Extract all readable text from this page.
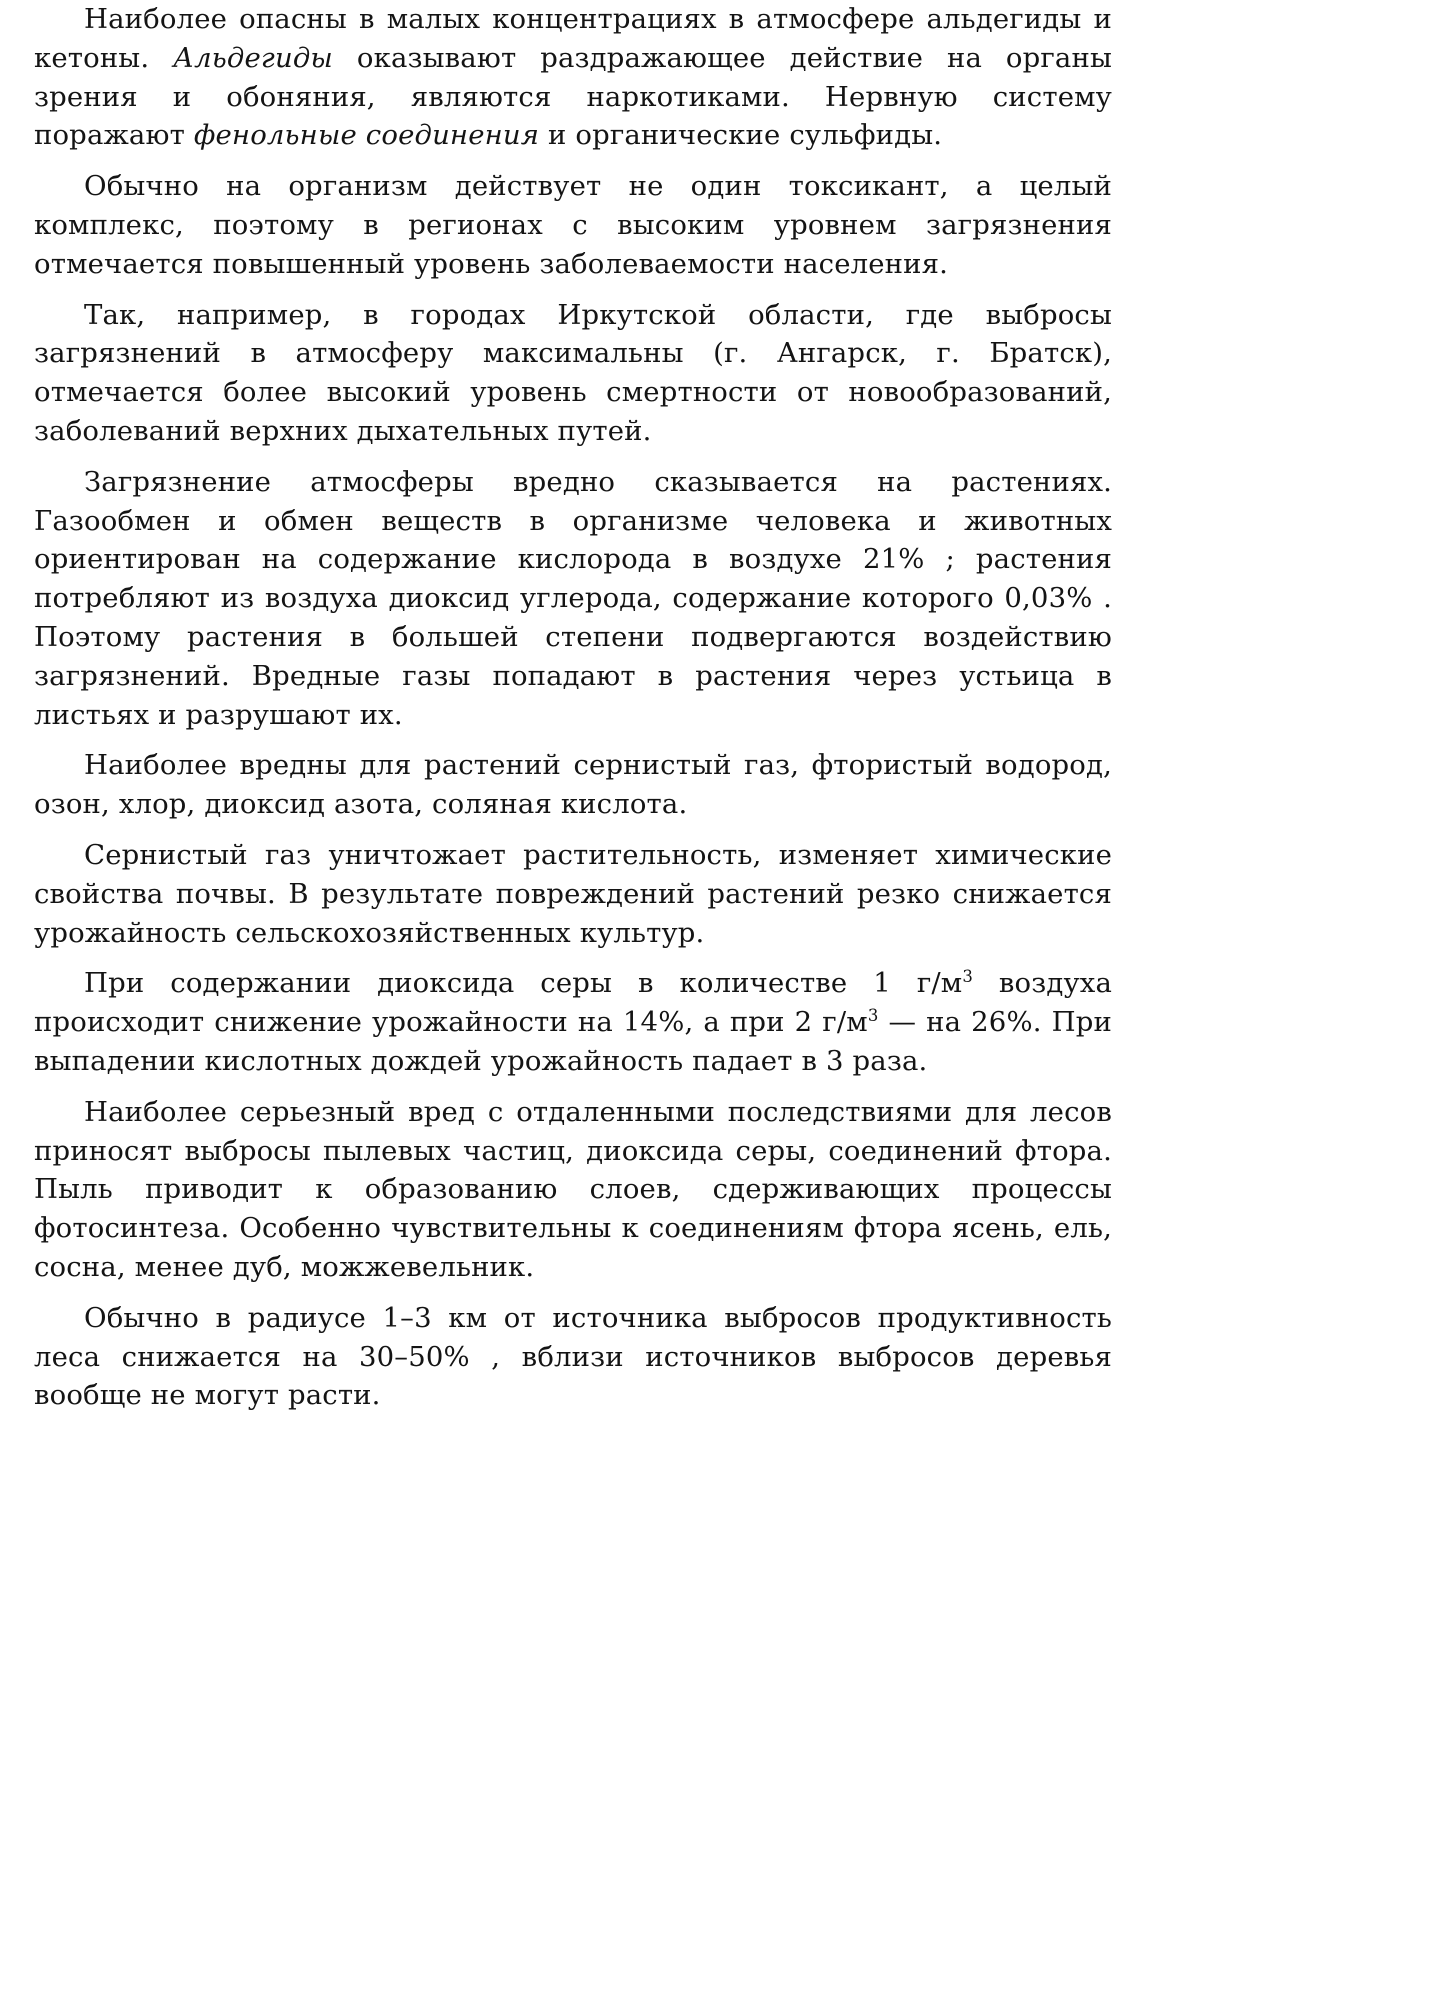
Наиболее опасны в малых концентрациях в атмосфере альдегиды и кетоны. Альдегиды оказывают раздражающее действие на органы зрения и обоняния, являются наркотиками. Нервную систему поражают фенольные соединения и органические сульфиды.

Обычно на организм действует не один токсикант, а целый комплекс, поэтому в регионах с высоким уровнем загрязнения отмечается повышенный уровень заболеваемости населения.

Так, например, в городах Иркутской области, где выбросы загрязнений в атмосферу максимальны (г. Ангарск, г. Братск), отмечается более высокий уровень смертности от новообразований, заболеваний верхних дыхательных путей.

Загрязнение атмосферы вредно сказывается на растениях. Газообмен и обмен веществ в организме человека и животных ориентирован на содержание кислорода в воздухе 21% ; растения потребляют из воздуха диоксид углерода, содержание которого 0,03% . Поэтому растения в большей степени подвергаются воздействию загрязнений. Вредные газы попадают в растения через устьица в листьях и разрушают их.

Наиболее вредны для растений сернистый газ, фтористый водород, озон, хлор, диоксид азота, соляная кислота.

Сернистый газ уничтожает растительность, изменяет химические свойства почвы. В результате повреждений растений резко снижается урожайность сельскохозяйственных культур.

При содержании диоксида серы в количестве 1 $г/м^3$ воздуха происходит снижение урожайности на 14%, а при 2 $г/м^3$ — на 26%. При выпадении кислотных дождей урожайность падает в 3 раза.

Наиболее серьезный вред с отдаленными последствиями для лесов приносят выбросы пылевых частиц, диоксида серы, соединений фтора. Пыль приводит к образованию слоев, сдерживающих процессы фотосинтеза. Особенно чувствительны к соединениям фтора ясень, ель, сосна, менее дуб, можжевельник.

Обычно в радиусе 1–3 км от источника выбросов продуктивность леса снижается на 30–50% , вблизи источников выбросов деревья вообще не могут расти.
